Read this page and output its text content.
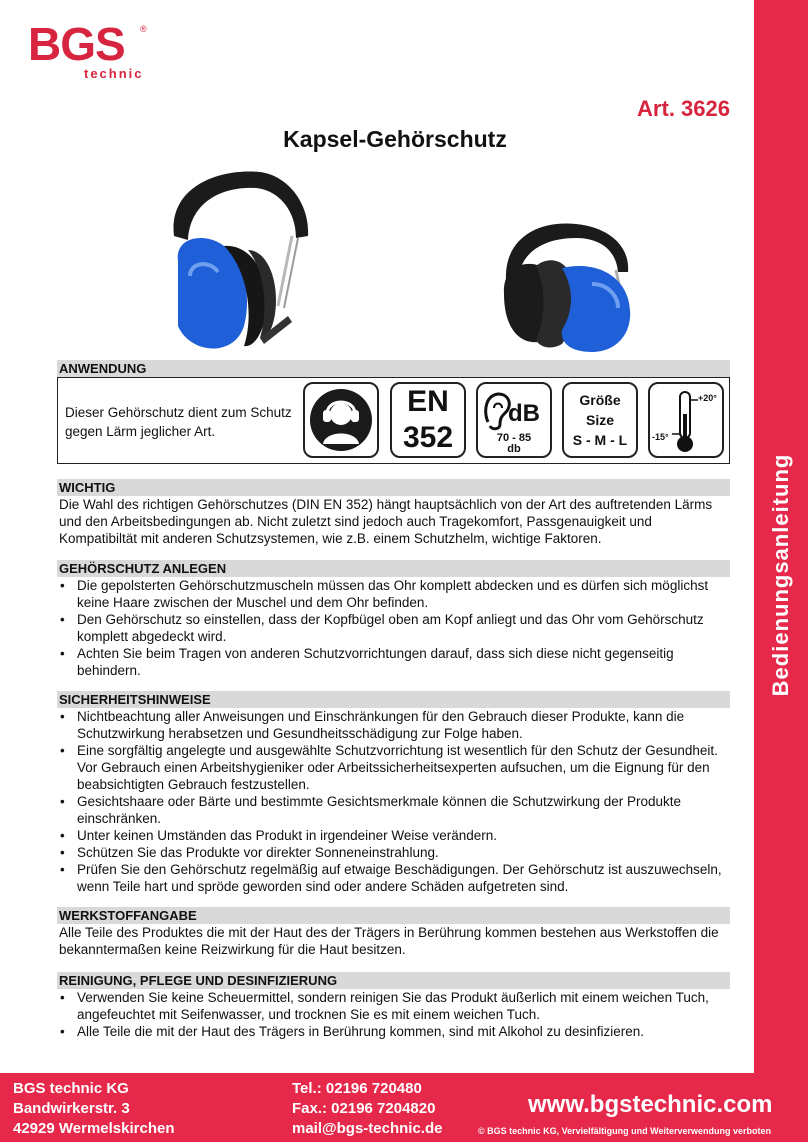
BGS ®
technic
Art. 3626
Kapsel-Gehörschutz
Bedienungsanleitung
ANWENDUNG
Dieser Gehörschutz dient zum Schutz gegen Lärm jeglicher Art.
EN
352
dB
70 - 85
db
Größe
Size
S - M - L
+20°
-15°
WICHTIG
Die Wahl des richtigen Gehörschutzes (DIN EN 352) hängt hauptsächlich von der Art des auftretenden Lärms und den Arbeitsbedingungen ab. Nicht zuletzt sind jedoch auch Tragekomfort, Passgenauigkeit und Kompatibiltät mit anderen Schutzsystemen, wie z.B. einem Schutzhelm, wichtige Faktoren.
GEHÖRSCHUTZ ANLEGEN
• Die gepolsterten Gehörschutzmuscheln müssen das Ohr komplett abdecken und es dürfen sich möglichst keine Haare zwischen der Muschel und dem Ohr befinden.
• Den Gehörschutz so einstellen, dass der Kopfbügel oben am Kopf anliegt und das Ohr vom Gehörschutz komplett abgedeckt wird.
• Achten Sie beim Tragen von anderen Schutzvorrichtungen darauf, dass sich diese nicht gegenseitig behindern.
SICHERHEITSHINWEISE
• Nichtbeachtung aller Anweisungen und Einschränkungen für den Gebrauch dieser Produkte, kann die Schutzwirkung herabsetzen und Gesundheitsschädigung zur Folge haben.
• Eine sorgfältig angelegte und ausgewählte Schutzvorrichtung ist wesentlich für den Schutz der Gesundheit. Vor Gebrauch einen Arbeitshygieniker oder Arbeitssicherheitsexperten aufsuchen, um die Eignung für den beabsichtigten Gebrauch festzustellen.
• Gesichtshaare oder Bärte und bestimmte Gesichtsmerkmale können die Schutzwirkung der Produkte einschränken.
• Unter keinen Umständen das Produkt in irgendeiner Weise verändern.
• Schützen Sie das Produkte vor direkter Sonneneinstrahlung.
• Prüfen Sie den Gehörschutz regelmäßig auf etwaige Beschädigungen. Der Gehörschutz ist auszuwechseln, wenn Teile hart und spröde geworden sind oder andere Schäden aufgetreten sind.
WERKSTOFFANGABE
Alle Teile des Produktes die mit der Haut des der Trägers in Berührung kommen bestehen aus Werkstoffen die bekanntermaßen keine Reizwirkung für die Haut besitzen.
REINIGUNG, PFLEGE UND DESINFIZIERUNG
• Verwenden Sie keine Scheuermittel, sondern reinigen Sie das Produkt äußerlich mit einem weichen Tuch, angefeuchtet mit Seifenwasser, und trocknen Sie es mit einem weichen Tuch.
• Alle Teile die mit der Haut des Trägers in Berührung kommen, sind mit Alkohol zu desinfizieren.
BGS technic KG
Bandwirkerstr. 3
42929 Wermelskirchen
Tel.: 02196 720480
Fax.: 02196 7204820
mail@bgs-technic.de
www.bgstechnic.com
© BGS technic KG, Vervielfältigung und Weiterverwendung verboten
